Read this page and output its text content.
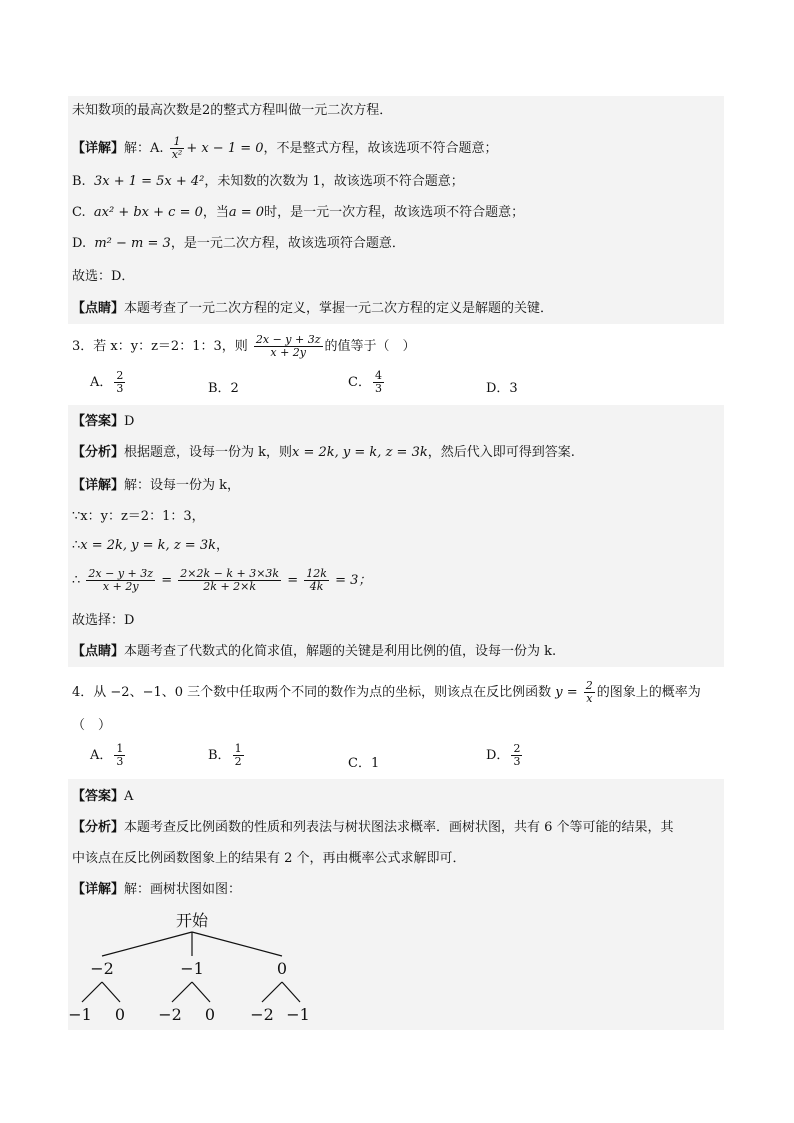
未知数项的最高次数是2的整式方程叫做一元二次方程．
【详解】解：A. $\frac{1}{\text{x²}} + x - 1 = 0$，不是整式方程，故该选项不符合题意；
B. 3x + 1 = 5x + 4²，未知数的次数为 1，故该选项不符合题意；
C. ax² + bx + c = 0，当a = 0时，是一元一次方程，故该选项不符合题意；
D. m² − m = 3，是一元二次方程，故该选项符合题意．
故选：D．
【点睛】本题考查了一元二次方程的定义，掌握一元二次方程的定义是解题的关键．
3．若 x：y：z＝2：1：3，则 $\frac{2x - y + 3z}{x + 2y}$ 的值等于（　）
A． $\frac{2}{3}$	B．2	C． $\frac{4}{3}$	D．3
【答案】D
【分析】根据题意，设每一份为 k，则x = 2k, y = k, z = 3k，然后代入即可得到答案.
【详解】解：设每一份为 k，
∵x：y：z＝2：1：3，
∴x = 2k, y = k, z = 3k，
∴ $\frac{2x - y + 3z}{x + 2y} = \frac{2\times 2k - k + 3\times 3k}{2k + 2\times k} = \frac{12k}{4k} = 3$；
故选择：D
【点睛】本题考查了代数式的化简求值，解题的关键是利用比例的值，设每一份为 k.
4．从 −2、−1、0 三个数中任取两个不同的数作为点的坐标，则该点在反比例函数 $y = \frac{2}{x}$ 的图象上的概率为
（　）
A． $\frac{1}{3}$	B． $\frac{1}{2}$	C．1
D． $\frac{2}{3}$
【答案】A
【分析】本题考查反比例函数的性质和列表法与树状图法求概率．画树状图，共有 6 个等可能的结果，其
中该点在反比例函数图象上的结果有 2 个，再由概率公式求解即可．
【详解】解：画树状图如图：
开始
−2	−1	0
−1 0 −2 0 −2 −1
